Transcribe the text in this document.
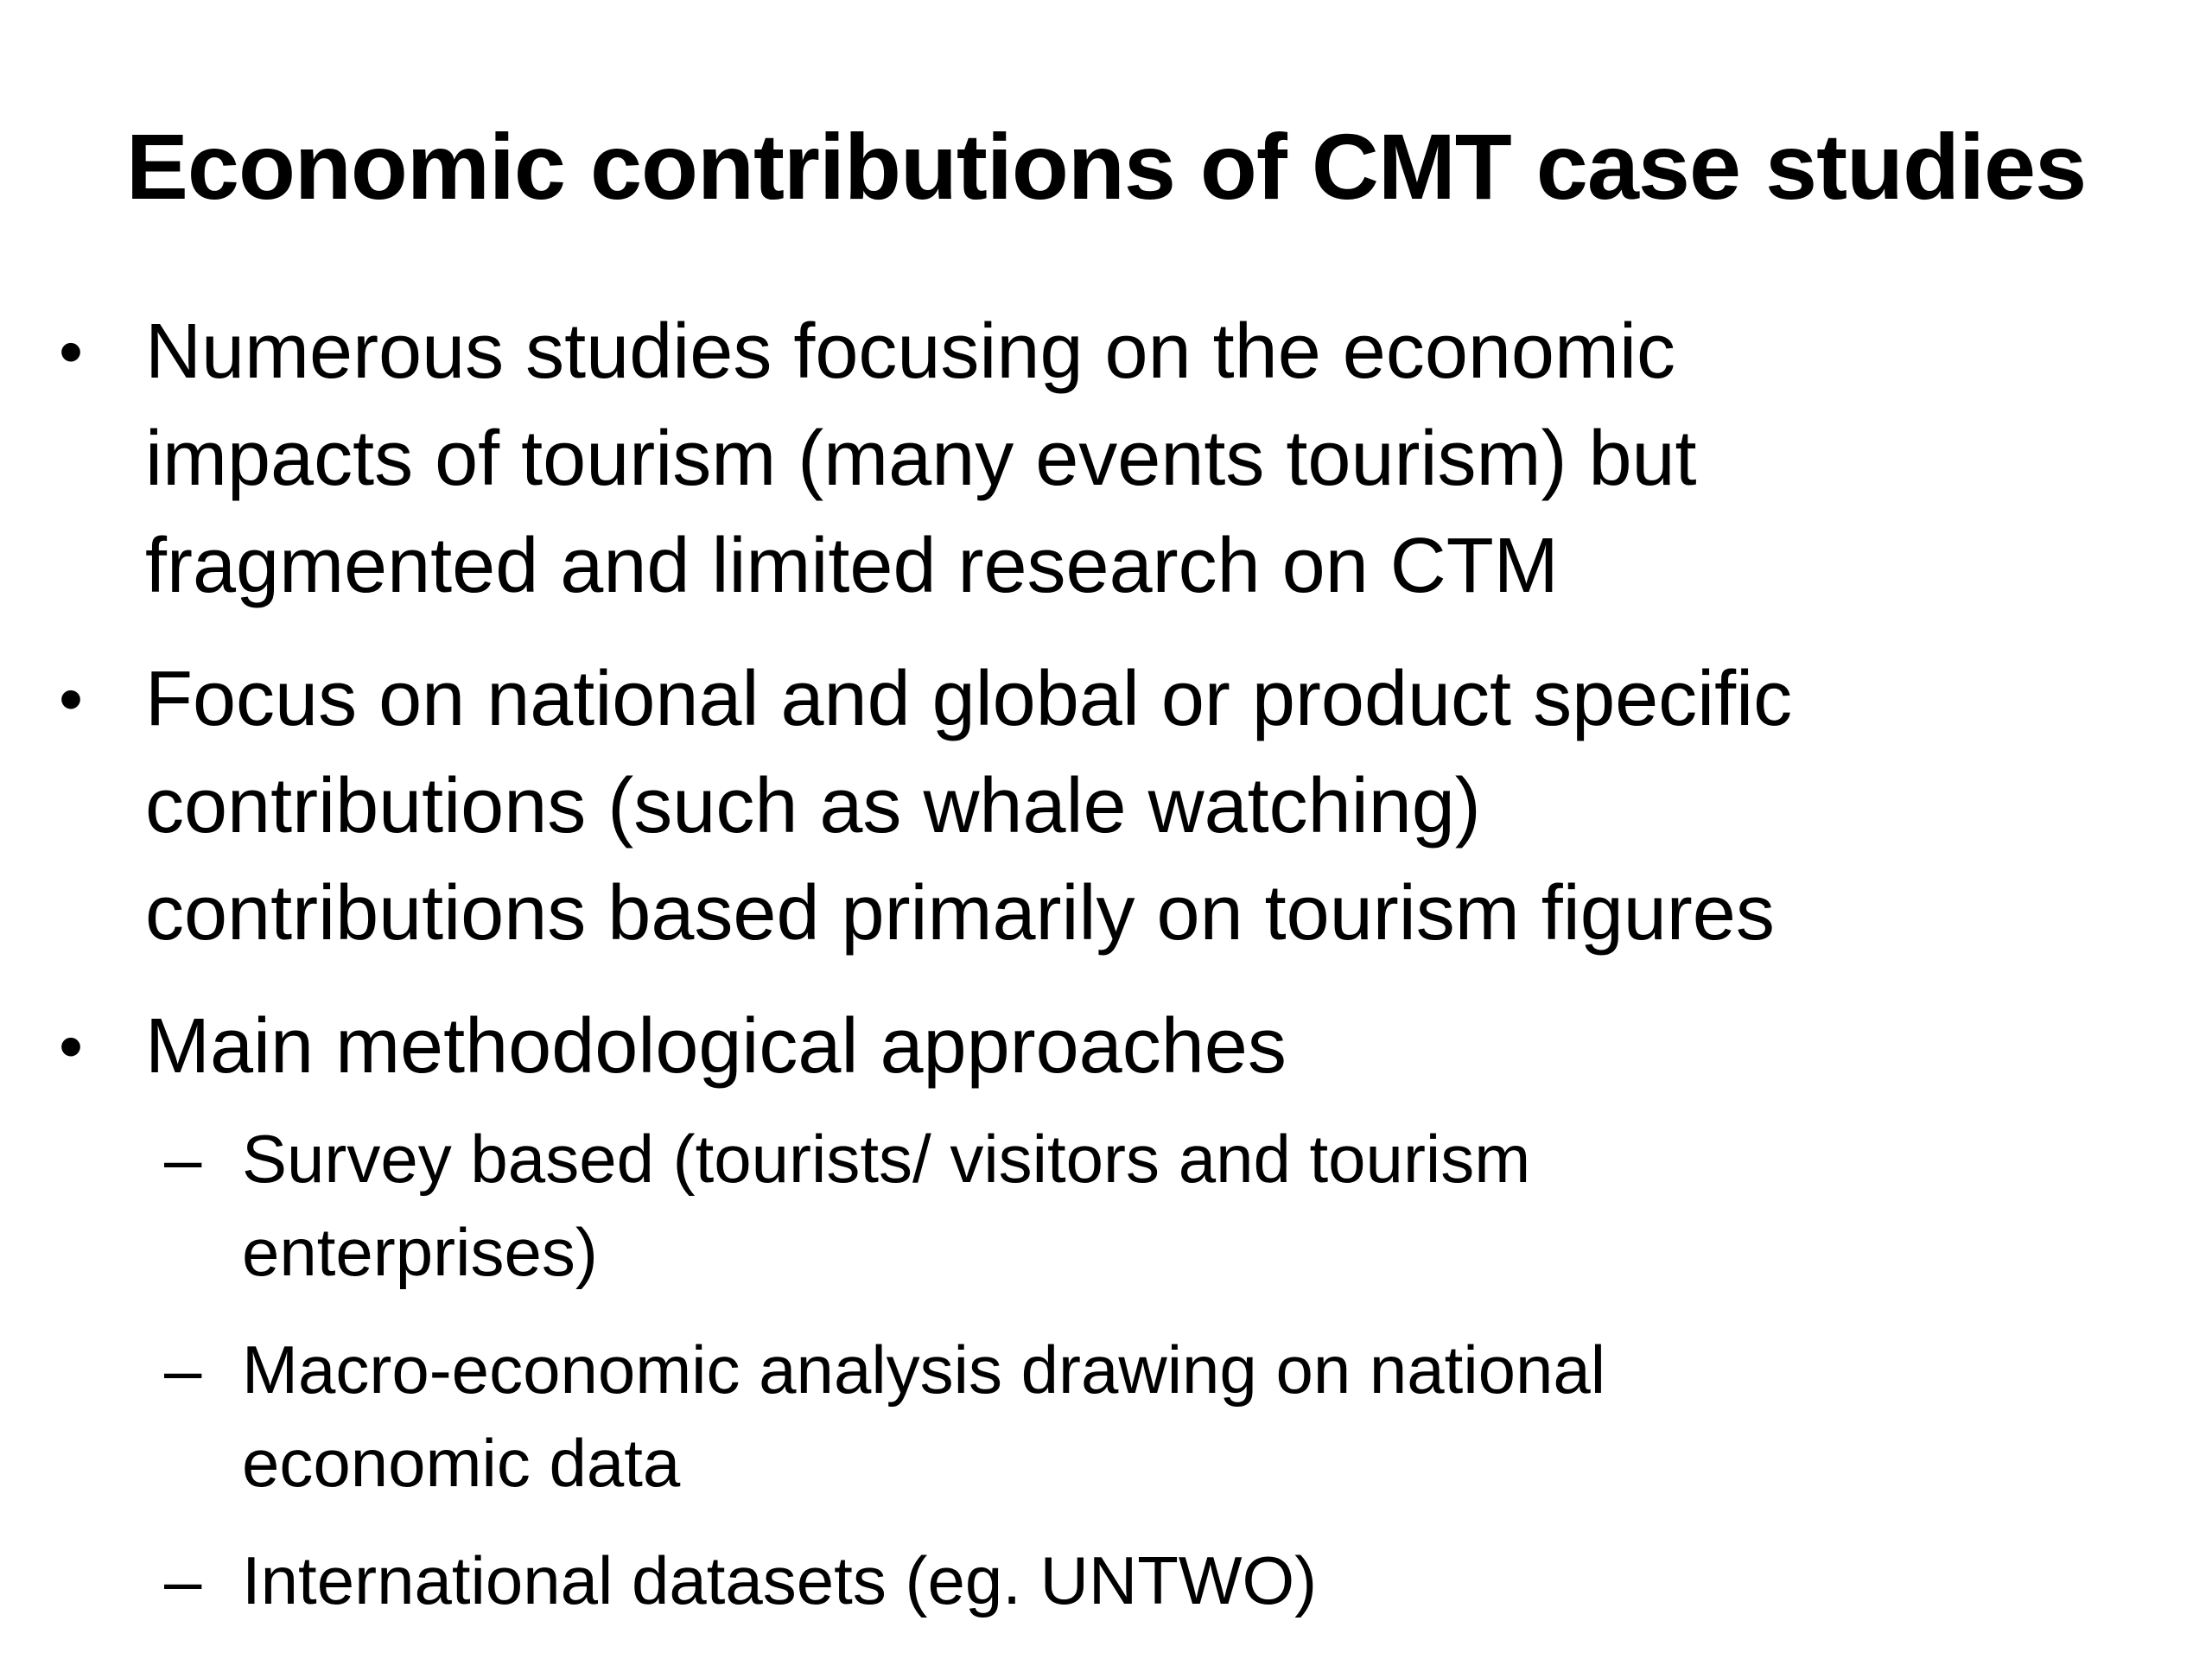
Economic contributions of CMT case studies
• Numerous studies focusing on the economic
impacts of tourism (many events tourism) but
fragmented and limited research on CTM
• Focus on national and global or product specific
contributions (such as whale watching)
contributions based primarily on tourism figures
• Main methodological approaches
– Survey based (tourists/ visitors and tourism
enterprises)
– Macro-economic analysis drawing on national
economic data
– International datasets (eg. UNTWO)
